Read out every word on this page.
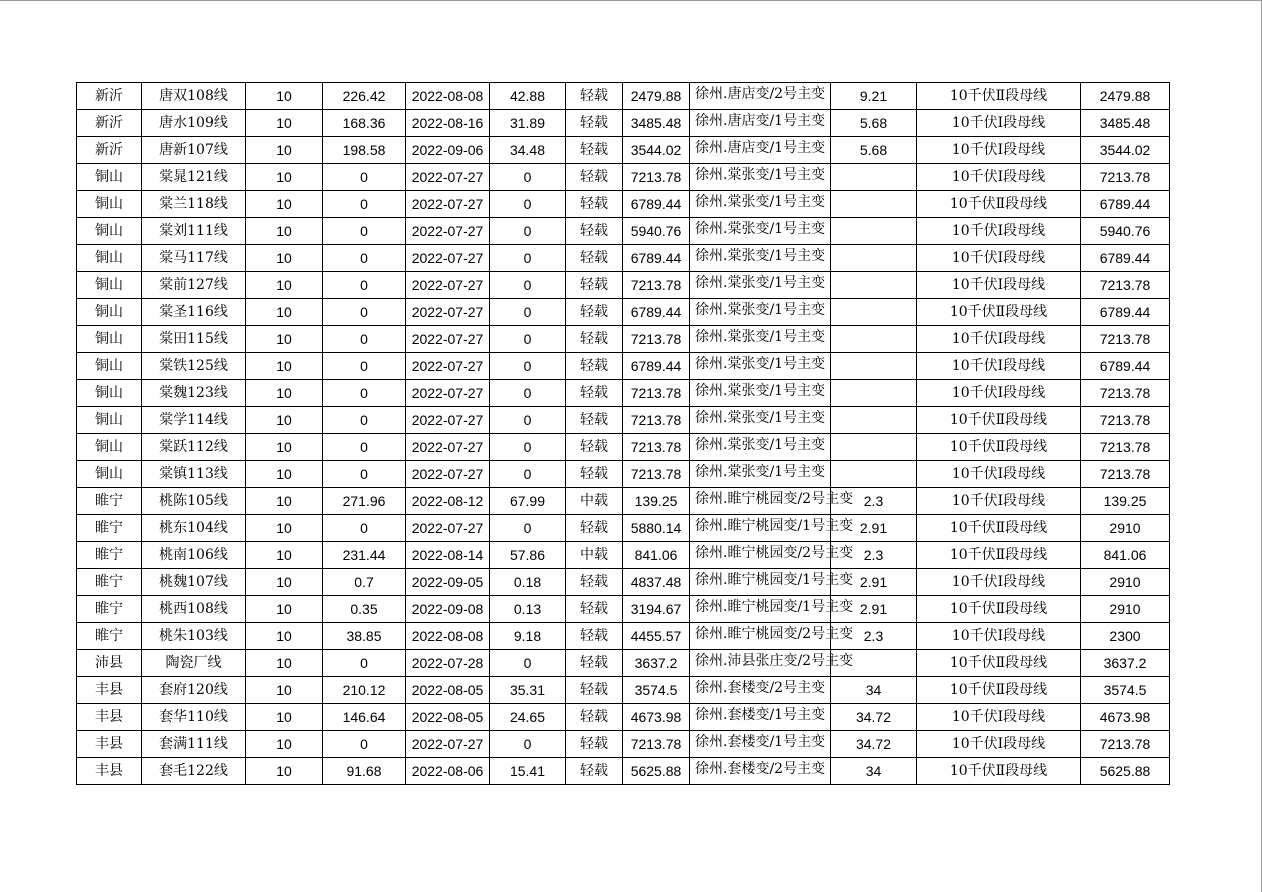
新沂	唐双108线	10	226.42	2022-08-08	42.88	轻载	2479.88	徐州.唐店变/2号主变	9.21	10千伏Ⅱ段母线	2479.88
新沂	唐水109线	10	168.36	2022-08-16	31.89	轻载	3485.48	徐州.唐店变/1号主变	5.68	10千伏Ⅰ段母线	3485.48
新沂	唐新107线	10	198.58	2022-09-06	34.48	轻载	3544.02	徐州.唐店变/1号主变	5.68	10千伏Ⅰ段母线	3544.02
铜山	棠晁121线	10	0	2022-07-27	0	轻载	7213.78	徐州.棠张变/1号主变		10千伏Ⅰ段母线	7213.78
铜山	棠兰118线	10	0	2022-07-27	0	轻载	6789.44	徐州.棠张变/1号主变		10千伏Ⅱ段母线	6789.44
铜山	棠刘111线	10	0	2022-07-27	0	轻载	5940.76	徐州.棠张变/1号主变		10千伏Ⅰ段母线	5940.76
铜山	棠马117线	10	0	2022-07-27	0	轻载	6789.44	徐州.棠张变/1号主变		10千伏Ⅰ段母线	6789.44
铜山	棠前127线	10	0	2022-07-27	0	轻载	7213.78	徐州.棠张变/1号主变		10千伏Ⅰ段母线	7213.78
铜山	棠圣116线	10	0	2022-07-27	0	轻载	6789.44	徐州.棠张变/1号主变		10千伏Ⅱ段母线	6789.44
铜山	棠田115线	10	0	2022-07-27	0	轻载	7213.78	徐州.棠张变/1号主变		10千伏Ⅰ段母线	7213.78
铜山	棠铁125线	10	0	2022-07-27	0	轻载	6789.44	徐州.棠张变/1号主变		10千伏Ⅰ段母线	6789.44
铜山	棠魏123线	10	0	2022-07-27	0	轻载	7213.78	徐州.棠张变/1号主变		10千伏Ⅰ段母线	7213.78
铜山	棠学114线	10	0	2022-07-27	0	轻载	7213.78	徐州.棠张变/1号主变		10千伏Ⅱ段母线	7213.78
铜山	棠跃112线	10	0	2022-07-27	0	轻载	7213.78	徐州.棠张变/1号主变		10千伏Ⅱ段母线	7213.78
铜山	棠镇113线	10	0	2022-07-27	0	轻载	7213.78	徐州.棠张变/1号主变		10千伏Ⅰ段母线	7213.78
睢宁	桃陈105线	10	271.96	2022-08-12	67.99	中载	139.25	徐州.睢宁桃园变/2号主变	2.3	10千伏Ⅰ段母线	139.25
睢宁	桃东104线	10	0	2022-07-27	0	轻载	5880.14	徐州.睢宁桃园变/1号主变	2.91	10千伏Ⅱ段母线	2910
睢宁	桃南106线	10	231.44	2022-08-14	57.86	中载	841.06	徐州.睢宁桃园变/2号主变	2.3	10千伏Ⅱ段母线	841.06
睢宁	桃魏107线	10	0.7	2022-09-05	0.18	轻载	4837.48	徐州.睢宁桃园变/1号主变	2.91	10千伏Ⅰ段母线	2910
睢宁	桃西108线	10	0.35	2022-09-08	0.13	轻载	3194.67	徐州.睢宁桃园变/1号主变	2.91	10千伏Ⅱ段母线	2910
睢宁	桃朱103线	10	38.85	2022-08-08	9.18	轻载	4455.57	徐州.睢宁桃园变/2号主变	2.3	10千伏Ⅰ段母线	2300
沛县	陶瓷厂线	10	0	2022-07-28	0	轻载	3637.2	徐州.沛县张庄变/2号主变		10千伏Ⅱ段母线	3637.2
丰县	套府120线	10	210.12	2022-08-05	35.31	轻载	3574.5	徐州.套楼变/2号主变	34	10千伏Ⅱ段母线	3574.5
丰县	套华110线	10	146.64	2022-08-05	24.65	轻载	4673.98	徐州.套楼变/1号主变	34.72	10千伏Ⅰ段母线	4673.98
丰县	套满111线	10	0	2022-07-27	0	轻载	7213.78	徐州.套楼变/1号主变	34.72	10千伏Ⅰ段母线	7213.78
丰县	套毛122线	10	91.68	2022-08-06	15.41	轻载	5625.88	徐州.套楼变/2号主变	34	10千伏Ⅱ段母线	5625.88
